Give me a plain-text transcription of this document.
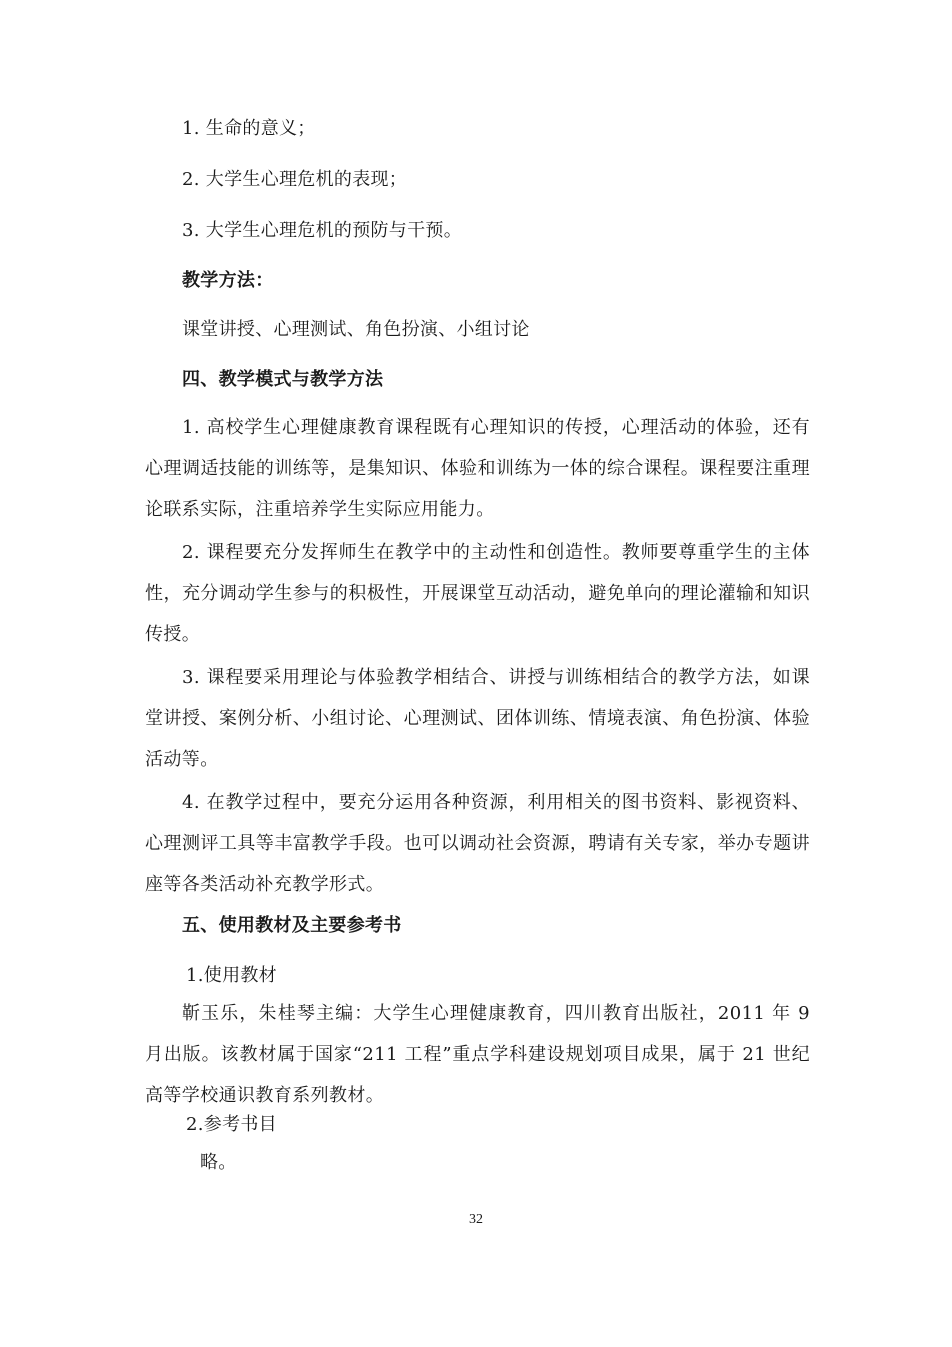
1. 生命的意义；
2. 大学生心理危机的表现；
3. 大学生心理危机的预防与干预。
教学方法：
课堂讲授、心理测试、角色扮演、小组讨论
四、教学模式与教学方法

1. 高校学生心理健康教育课程既有心理知识的传授，心理活动的体验，还有心理调适技能的训练等，是集知识、体验和训练为一体的综合课程。课程要注重理论联系实际，注重培养学生实际应用能力。

2. 课程要充分发挥师生在教学中的主动性和创造性。教师要尊重学生的主体性，充分调动学生参与的积极性，开展课堂互动活动，避免单向的理论灌输和知识传授。

3. 课程要采用理论与体验教学相结合、讲授与训练相结合的教学方法，如课堂讲授、案例分析、小组讨论、心理测试、团体训练、情境表演、角色扮演、体验活动等。

4. 在教学过程中，要充分运用各种资源，利用相关的图书资料、影视资料、心理测评工具等丰富教学手段。也可以调动社会资源，聘请有关专家，举办专题讲座等各类活动补充教学形式。

五、使用教材及主要参考书
1.使用教材

靳玉乐，朱桂琴主编：大学生心理健康教育，四川教育出版社，2011 年 9 月出版。该教材属于国家“211 工程”重点学科建设规划项目成果，属于 21 世纪高等学校通识教育系列教材。

2.参考书目
略。
32
